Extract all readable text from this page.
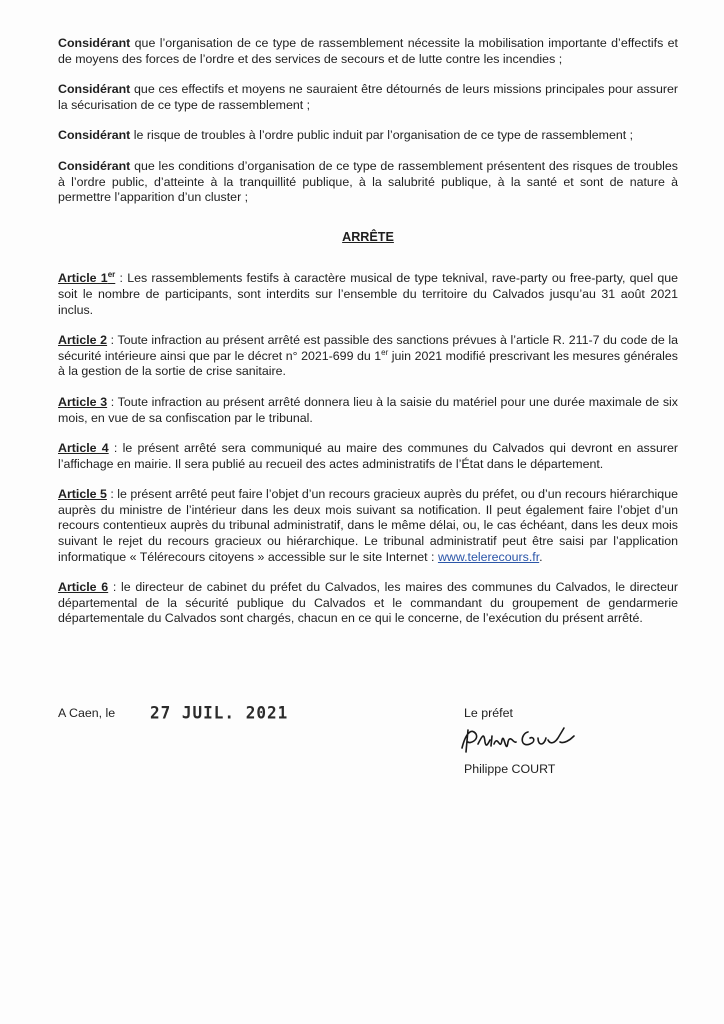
Considérant que l’organisation de ce type de rassemblement nécessite la mobilisation importante d’effectifs et de moyens des forces de l’ordre et des services de secours et de lutte contre les incendies ;

Considérant que ces effectifs et moyens ne sauraient être détournés de leurs missions principales pour assurer la sécurisation de ce type de rassemblement ;

Considérant le risque de troubles à l’ordre public induit par l’organisation de ce type de rassemblement ;

Considérant que les conditions d’organisation de ce type de rassemblement présentent des risques de troubles à l’ordre public, d’atteinte à la tranquillité publique, à la salubrité publique, à la santé et sont de nature à permettre l’apparition d’un cluster ;

ARRÊTE

Article 1er : Les rassemblements festifs à caractère musical de type teknival, rave-party ou free-party, quel que soit le nombre de participants, sont interdits sur l’ensemble du territoire du Calvados jusqu’au 31 août 2021 inclus.

Article 2 : Toute infraction au présent arrêté est passible des sanctions prévues à l’article R. 211-7 du code de la sécurité intérieure ainsi que par le décret n° 2021-699 du 1er juin 2021 modifié prescrivant les mesures générales à la gestion de la sortie de crise sanitaire.

Article 3 : Toute infraction au présent arrêté donnera lieu à la saisie du matériel pour une durée maximale de six mois, en vue de sa confiscation par le tribunal.

Article 4 : le présent arrêté sera communiqué au maire des communes du Calvados qui devront en assurer l’affichage en mairie. Il sera publié au recueil des actes administratifs de l’État dans le département.

Article 5 : le présent arrêté peut faire l’objet d’un recours gracieux auprès du préfet, ou d’un recours hiérarchique auprès du ministre de l’intérieur dans les deux mois suivant sa notification. Il peut également faire l’objet d’un recours contentieux auprès du tribunal administratif, dans le même délai, ou, le cas échéant, dans les deux mois suivant le rejet du recours gracieux ou hiérarchique. Le tribunal administratif peut être saisi par l’application informatique « Télérecours citoyens » accessible sur le site Internet : www.telerecours.fr.

Article 6 : le directeur de cabinet du préfet du Calvados, les maires des communes du Calvados, le directeur départemental de la sécurité publique du Calvados et le commandant du groupement de gendarmerie départementale du Calvados sont chargés, chacun en ce qui le concerne, de l’exécution du présent arrêté.

A Caen, le 27 JUIL. 2021	Le préfet
Philippe COURT
